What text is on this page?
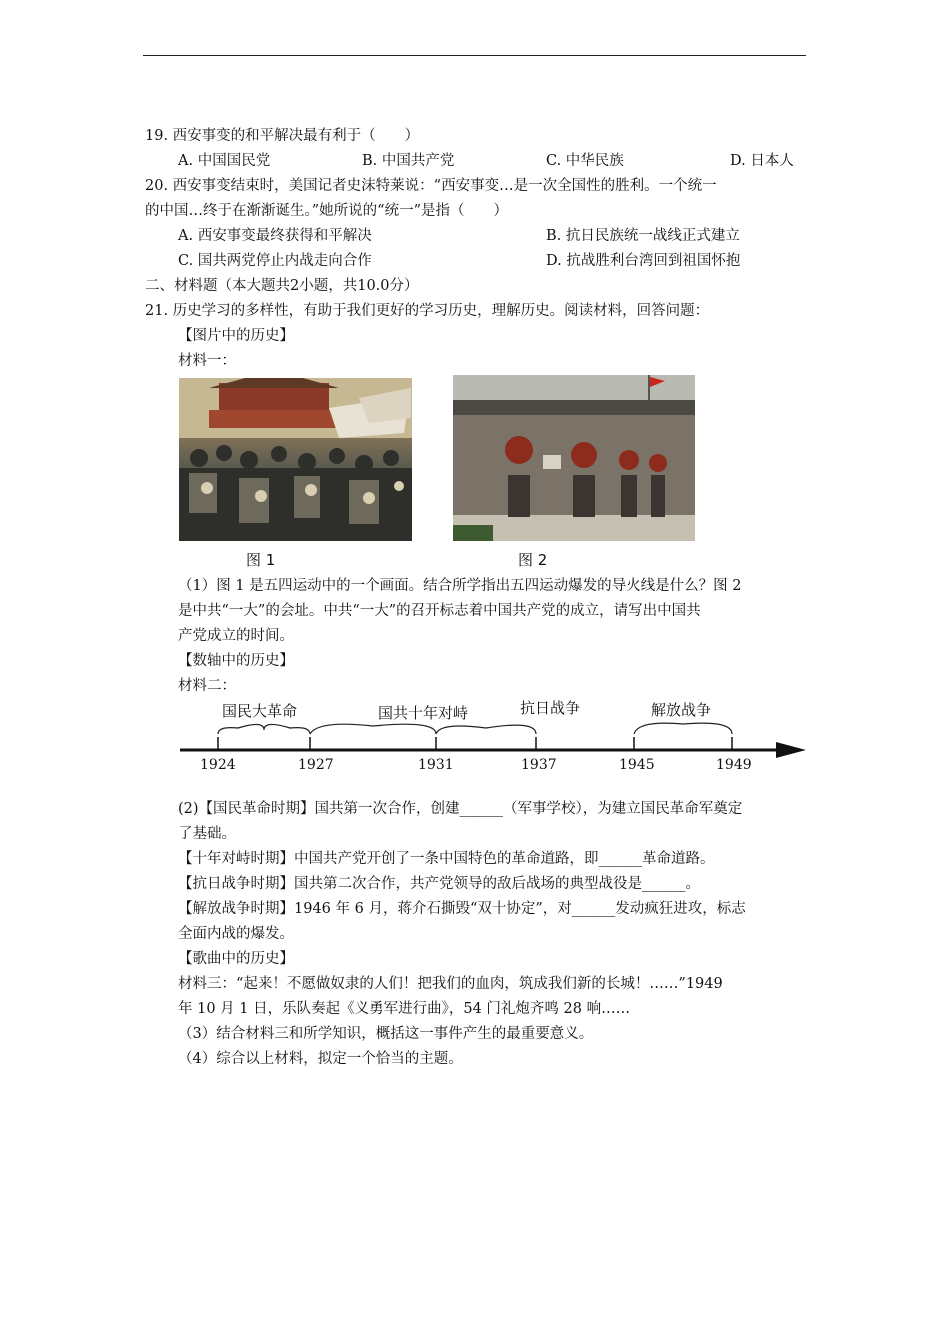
19. 西安事变的和平解决最有利于（　　）
A. 中国国民党	B. 中国共产党	C. 中华民族	D. 日本人
20. 西安事变结束时，美国记者史沫特莱说：“西安事变…是一次全国性的胜利。一个统一
的中国…终于在渐渐诞生。”她所说的“统一”是指（　　）
A. 西安事变最终获得和平解决	B. 抗日民族统一战线正式建立
C. 国共两党停止内战走向合作	D. 抗战胜利台湾回到祖国怀抱
二、材料题（本大题共2小题，共10.0分）
21. 历史学习的多样性，有助于我们更好的学习历史，理解历史。阅读材料，回答问题：
【图片中的历史】
材料一：
图 1	图 2
（1）图 1 是五四运动中的一个画面。结合所学指出五四运动爆发的导火线是什么？图 2
是中共“一大”的会址。中共“一大”的召开标志着中国共产党的成立，请写出中国共
产党成立的时间。
【数轴中的历史】
材料二：
国民大革命	国共十年对峙	抗日战争	解放战争
1924	1927	1931	1937	1945	1949
(2)【国民革命时期】国共第一次合作，创建______（军事学校），为建立国民革命军奠定
了基础。
【十年对峙时期】中国共产党开创了一条中国特色的革命道路，即______革命道路。
【抗日战争时期】国共第二次合作，共产党领导的敌后战场的典型战役是______。
【解放战争时期】1946 年 6 月，蒋介石撕毁“双十协定”，对______发动疯狂进攻，标志
全面内战的爆发。
【歌曲中的历史】
材料三：“起来！不愿做奴隶的人们！把我们的血肉，筑成我们新的长城！……”1949
年 10 月 1 日，乐队奏起《义勇军进行曲》，54 门礼炮齐鸣 28 响……
（3）结合材料三和所学知识，概括这一事件产生的最重要意义。
（4）综合以上材料，拟定一个恰当的主题。
